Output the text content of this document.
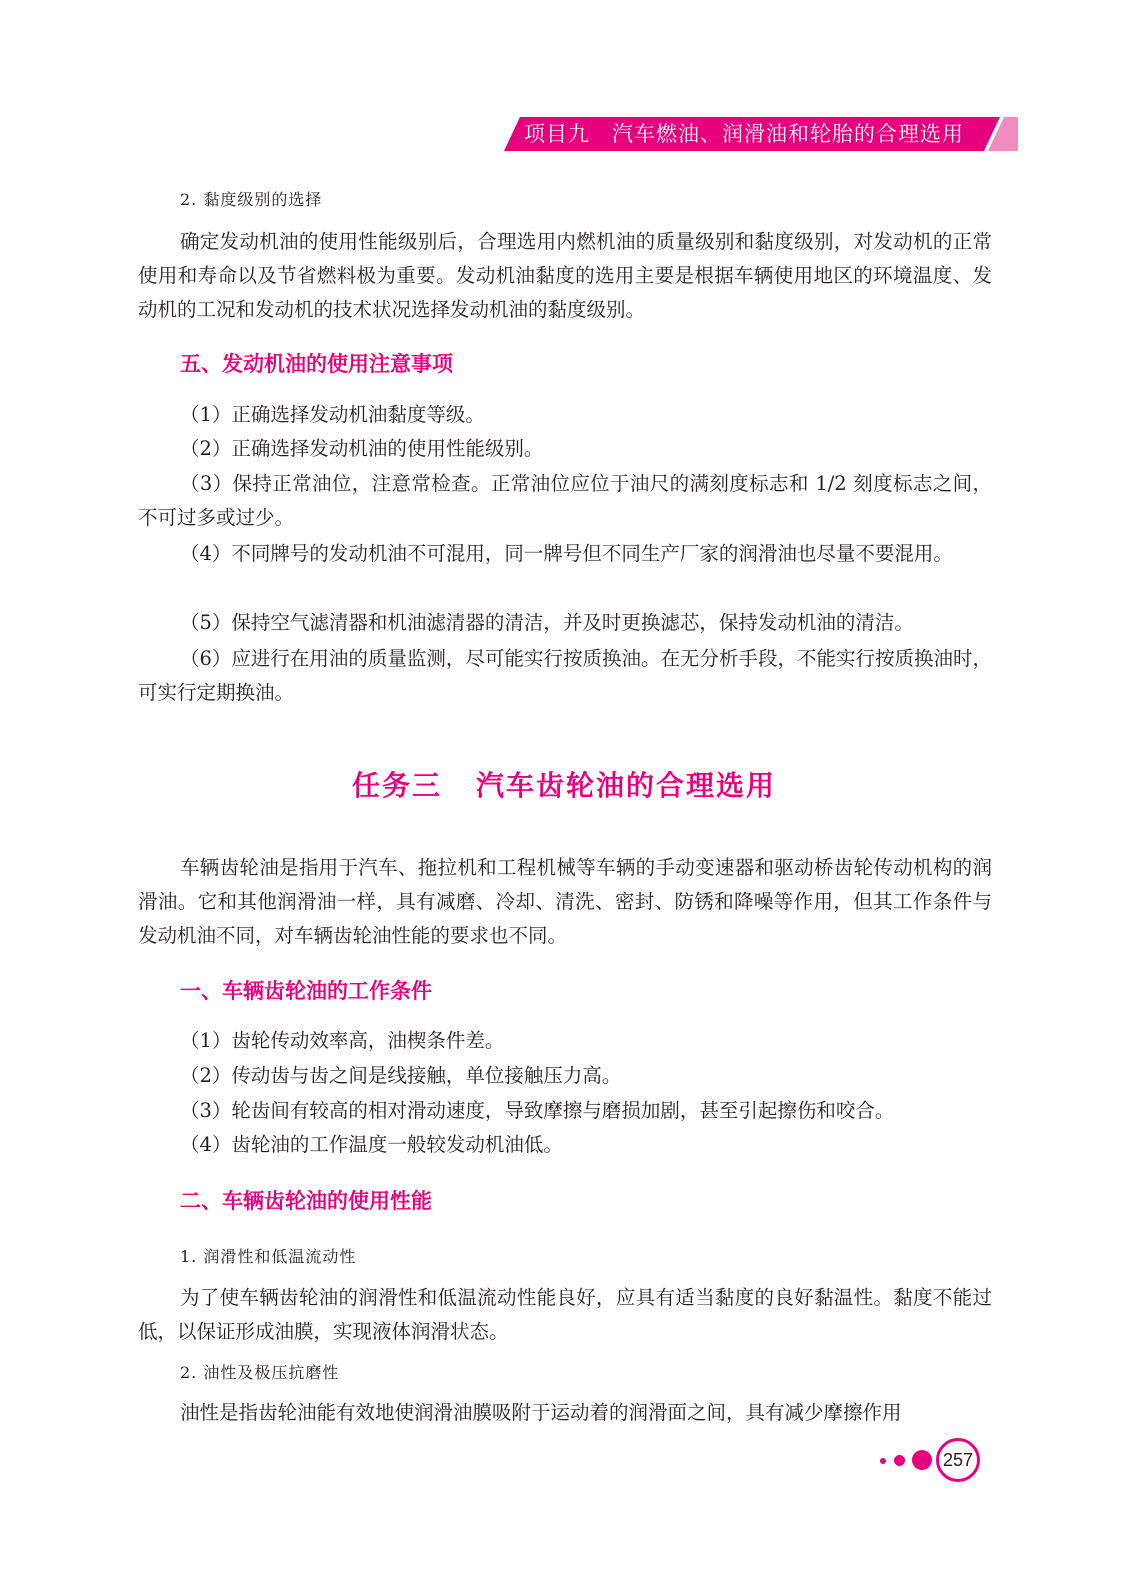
项目九 汽车燃油、润滑油和轮胎的合理选用
2. 黏度级别的选择

确定发动机油的使用性能级别后，合理选用内燃机油的质量级别和黏度级别，对发动机的正常使用和寿命以及节省燃料极为重要。发动机油黏度的选用主要是根据车辆使用地区的环境温度、发动机的工况和发动机的技术状况选择发动机油的黏度级别。

五、发动机油的使用注意事项
（1）正确选择发动机油黏度等级。
（2）正确选择发动机油的使用性能级别。

（3）保持正常油位，注意常检查。正常油位应位于油尺的满刻度标志和 1/2 刻度标志之间，不可过多或过少。

（4）不同牌号的发动机油不可混用，同一牌号但不同生产厂家的润滑油也尽量不要混用。

（5）保持空气滤清器和机油滤清器的清洁，并及时更换滤芯，保持发动机油的清洁。

（6）应进行在用油的质量监测，尽可能实行按质换油。在无分析手段，不能实行按质换油时，可实行定期换油。

任务三 汽车齿轮油的合理选用

车辆齿轮油是指用于汽车、拖拉机和工程机械等车辆的手动变速器和驱动桥齿轮传动机构的润滑油。它和其他润滑油一样，具有减磨、冷却、清洗、密封、防锈和降噪等作用，但其工作条件与发动机油不同，对车辆齿轮油性能的要求也不同。

一、车辆齿轮油的工作条件
（1）齿轮传动效率高，油楔条件差。
（2）传动齿与齿之间是线接触，单位接触压力高。
（3）轮齿间有较高的相对滑动速度，导致摩擦与磨损加剧，甚至引起擦伤和咬合。
（4）齿轮油的工作温度一般较发动机油低。
二、车辆齿轮油的使用性能
1. 润滑性和低温流动性

为了使车辆齿轮油的润滑性和低温流动性能良好，应具有适当黏度的良好黏温性。黏度不能过低，以保证形成油膜，实现液体润滑状态。

2. 油性及极压抗磨性

油性是指齿轮油能有效地使润滑油膜吸附于运动着的润滑面之间，具有减少摩擦作用

257
